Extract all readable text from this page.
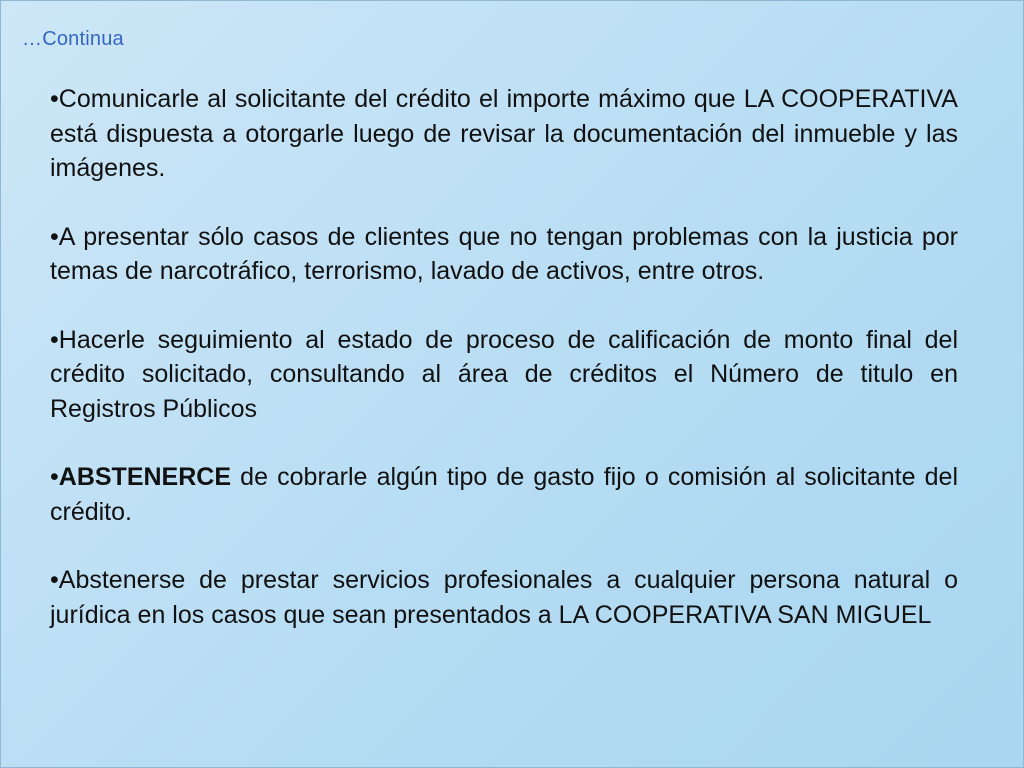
…Continua
•Comunicarle al solicitante del crédito el importe máximo que LA COOPERATIVA está dispuesta a otorgarle luego de revisar la documentación del inmueble y las imágenes.
•A presentar sólo casos de clientes que no tengan problemas con la justicia por temas de narcotráfico, terrorismo, lavado de activos, entre otros.
•Hacerle seguimiento al estado de proceso de calificación de monto final del crédito solicitado, consultando al área de créditos el Número de titulo en Registros Públicos
•ABSTENERCE de cobrarle algún tipo de gasto fijo o comisión al solicitante del crédito.
•Abstenerse de prestar servicios profesionales a cualquier persona natural o jurídica en los casos que sean presentados a LA COOPERATIVA SAN MIGUEL
